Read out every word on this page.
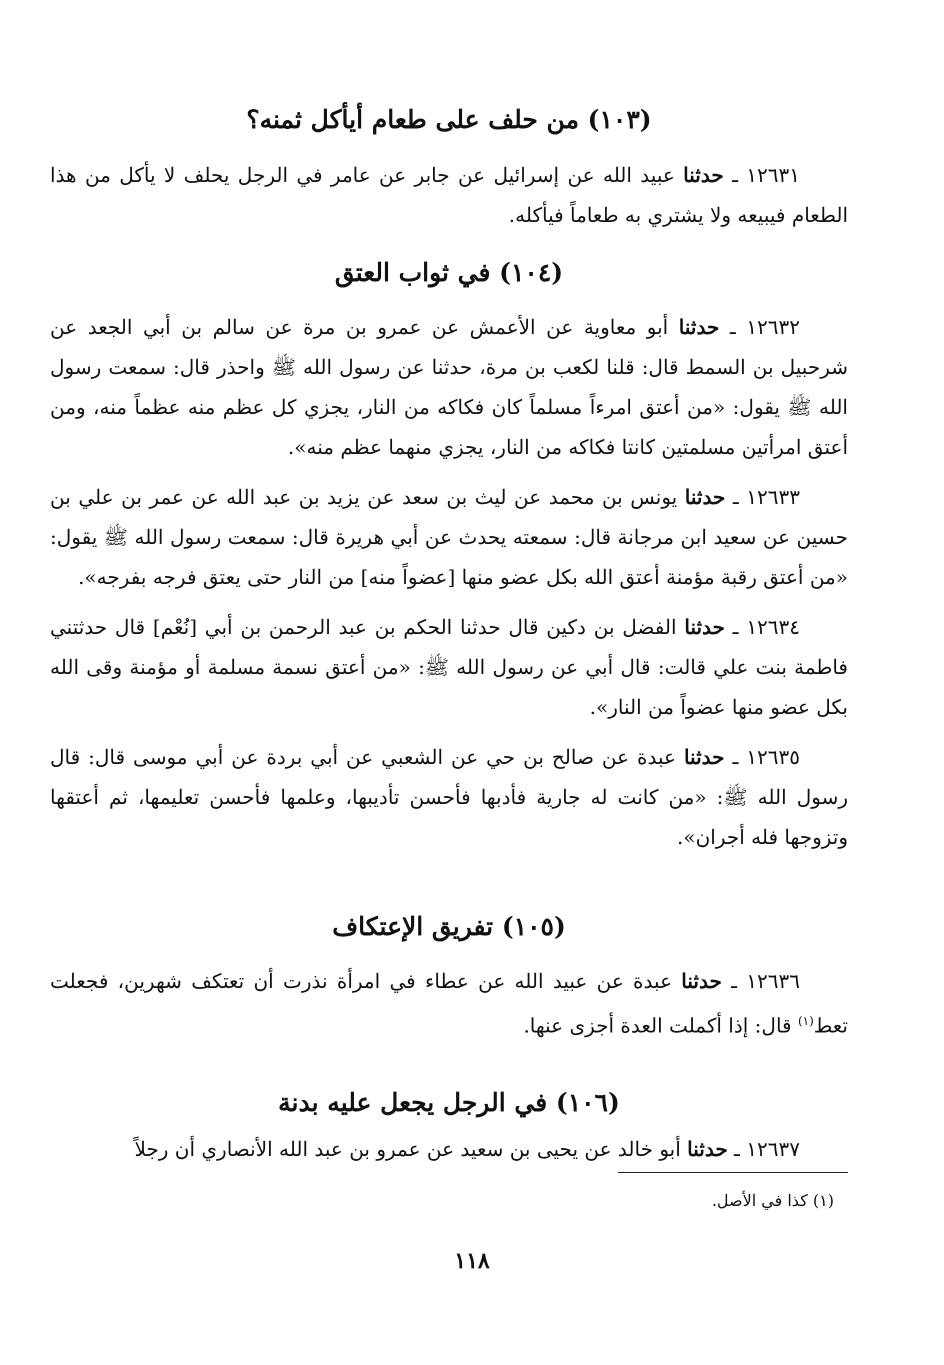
(١٠٣) من حلف على طعام أيأكل ثمنه؟

١٢٦٣١ ـ حدثنا عبيد الله عن إسرائيل عن جابر عن عامر في الرجل يحلف لا يأكل من هذا الطعام فيبيعه ولا يشتري به طعاماً فيأكله.

(١٠٤) في ثواب العتق

١٢٦٣٢ ـ حدثنا أبو معاوية عن الأعمش عن عمرو بن مرة عن سالم بن أبي الجعد عن شرحبيل بن السمط قال: قلنا لكعب بن مرة، حدثنا عن رسول الله ﷺ واحذر قال: سمعت رسول الله ﷺ يقول: «من أعتق امرءاً مسلماً كان فكاكه من النار، يجزي كل عظم منه عظماً منه، ومن أعتق امرأتين مسلمتين كانتا فكاكه من النار، يجزي منهما عظم منه».

١٢٦٣٣ ـ حدثنا يونس بن محمد عن ليث بن سعد عن يزيد بن عبد الله عن عمر بن علي بن حسين عن سعيد ابن مرجانة قال: سمعته يحدث عن أبي هريرة قال: سمعت رسول الله ﷺ يقول: «من أعتق رقبة مؤمنة أعتق الله بكل عضو منها [عضواً منه] من النار حتى يعتق فرجه بفرجه».

١٢٦٣٤ ـ حدثنا الفضل بن دكين قال حدثنا الحكم بن عبد الرحمن بن أبي [نُعْم] قال حدثتني فاطمة بنت علي قالت: قال أبي عن رسول الله ﷺ: «من أعتق نسمة مسلمة أو مؤمنة وقى الله بكل عضو منها عضواً من النار».

١٢٦٣٥ ـ حدثنا عبدة عن صالح بن حي عن الشعبي عن أبي بردة عن أبي موسى قال: قال رسول الله ﷺ: «من كانت له جارية فأدبها فأحسن تأديبها، وعلمها فأحسن تعليمها، ثم أعتقها وتزوجها فله أجران».

(١٠٥) تفريق الإعتكاف

١٢٦٣٦ ـ حدثنا عبدة عن عبيد الله عن عطاء في امرأة نذرت أن تعتكف شهرين، فجعلت تعط$^{(١)}$ قال: إذا أكملت العدة أجزى عنها.

(١٠٦) في الرجل يجعل عليه بدنة

١٢٦٣٧ ـ حدثنا أبو خالد عن يحيى بن سعيد عن عمرو بن عبد الله الأنصاري أن رجلاً

(١) كذا في الأصل.
١١٨
